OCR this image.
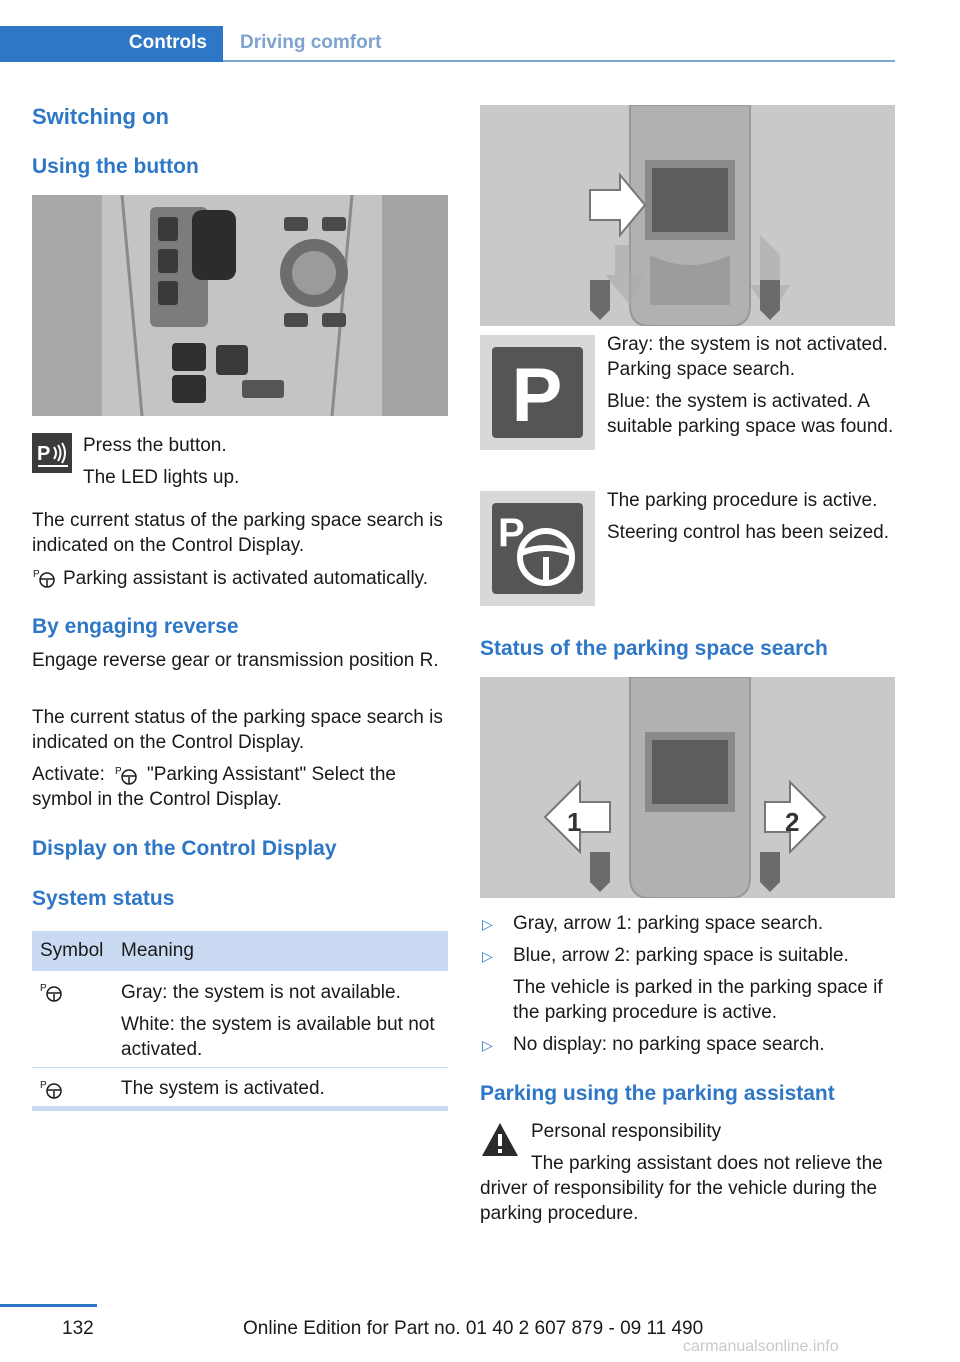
Controls	Driving comfort
Switching on
Using the button
P Press the button.
The LED lights up.
The current status of the parking space search is indicated on the Control Display.
P Parking assistant is activated automatically.
By engaging reverse
Engage reverse gear or transmission position R.
The current status of the parking space search is indicated on the Control Display.
Activate: P	"Parking Assistant" Select the symbol in the Control Display.
Display on the Control Display
System status
Symbol Meaning
P	Gray: the system is not available.
White: the system is available but not activated.
P	The system is activated.
P
Gray: the system is not activated. Parking space search.
Blue: the system is activated. A suitable parking space was found.
P
The parking procedure is active.
Steering control has been seized.
Status of the parking space search
1	2
▷ Gray, arrow 1: parking space search.
▷ Blue, arrow 2: parking space is suitable.
The vehicle is parked in the parking space if the parking procedure is active.
▷ No display: no parking space search.
Parking using the parking assistant
Personal responsibility
The parking assistant does not relieve the
driver of responsibility for the vehicle during the parking procedure.
132	Online Edition for Part no. 01 40 2 607 879 - 09 11 490
carmanualsonline.info
